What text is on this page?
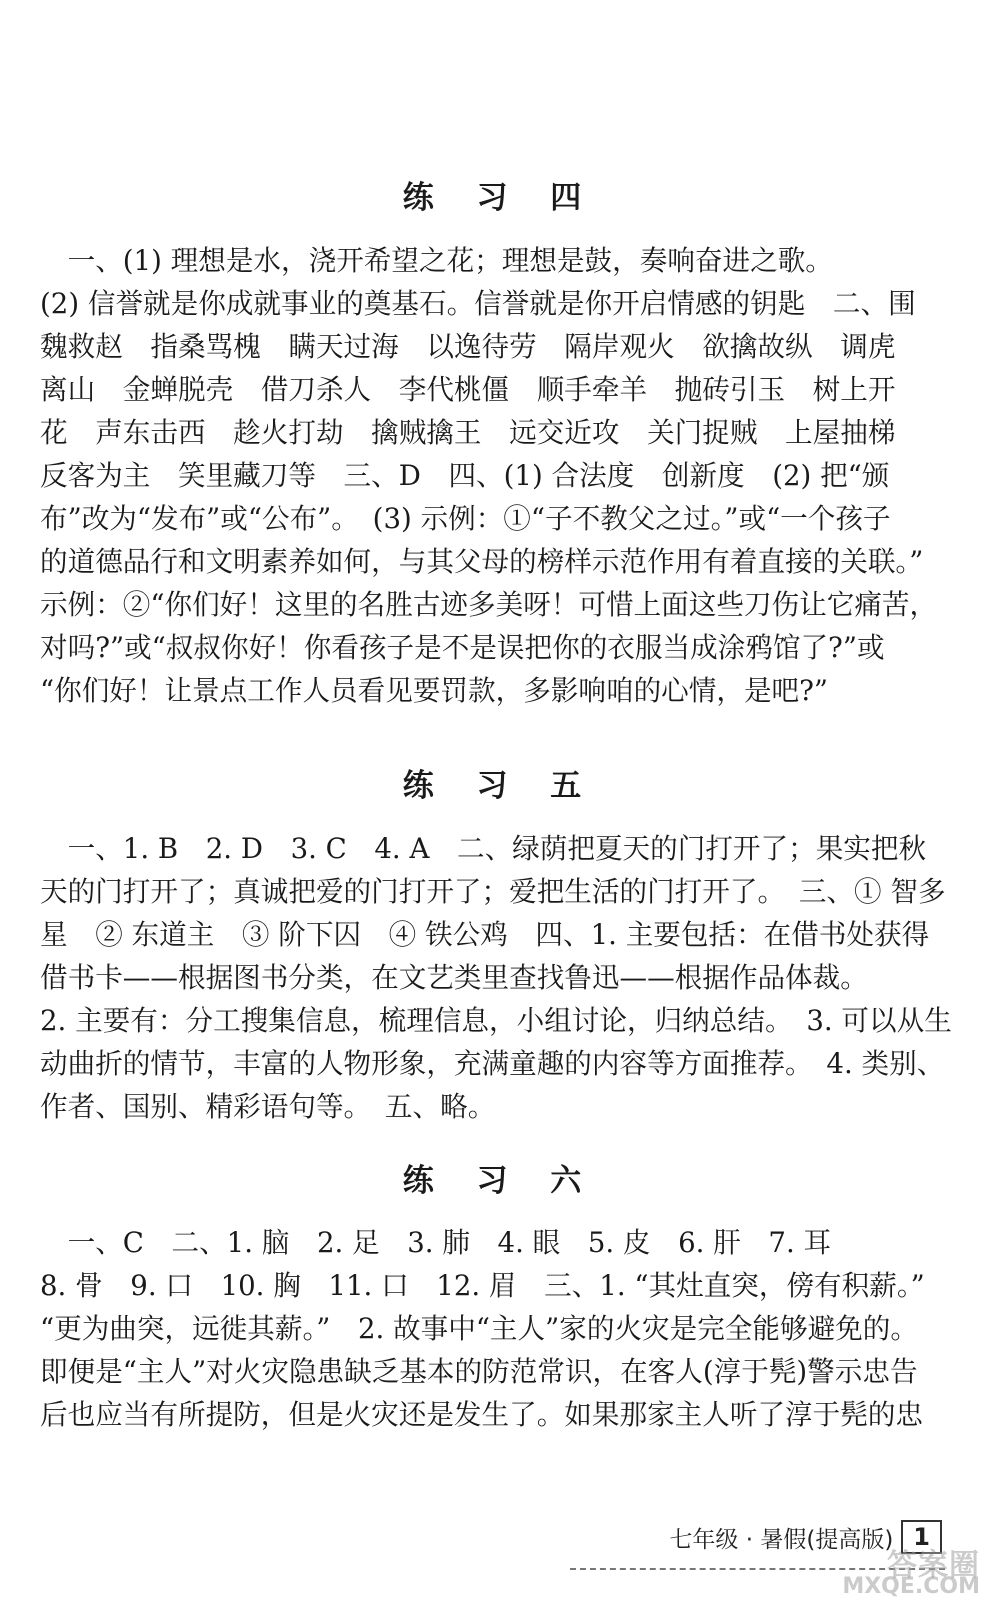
练 习 四
　一、(1) 理想是水，浇开希望之花；理想是鼓，奏响奋进之歌。
(2) 信誉就是你成就事业的奠基石。信誉就是你开启情感的钥匙　二、围
魏救赵　指桑骂槐　瞒天过海　以逸待劳　隔岸观火　欲擒故纵　调虎
离山　金蝉脱壳　借刀杀人　李代桃僵　顺手牵羊　抛砖引玉　树上开
花　声东击西　趁火打劫　擒贼擒王　远交近攻　关门捉贼　上屋抽梯
反客为主　笑里藏刀等　三、D　四、(1) 合法度　创新度　(2) 把“颁
布”改为“发布”或“公布”。　(3) 示例：①“子不教父之过。”或“一个孩子
的道德品行和文明素养如何，与其父母的榜样示范作用有着直接的关联。”
示例：②“你们好！这里的名胜古迹多美呀！可惜上面这些刀伤让它痛苦，
对吗?”或“叔叔你好！你看孩子是不是误把你的衣服当成涂鸦馆了?”或
“你们好！让景点工作人员看见要罚款，多影响咱的心情，是吧?”
练 习 五
　一、1. B　2. D　3. C　4. A　二、绿荫把夏天的门打开了；果实把秋
天的门打开了；真诚把爱的门打开了；爱把生活的门打开了。　三、① 智多
星　② 东道主　③ 阶下囚　④ 铁公鸡　四、1. 主要包括：在借书处获得
借书卡——根据图书分类，在文艺类里查找鲁迅——根据作品体裁。
2. 主要有：分工搜集信息，梳理信息，小组讨论，归纳总结。　3. 可以从生
动曲折的情节，丰富的人物形象，充满童趣的内容等方面推荐。　4. 类别、
作者、国别、精彩语句等。　五、略。
练 习 六
　一、C　二、1. 脑　2. 足　3. 肺　4. 眼　5. 皮　6. 肝　7. 耳
8. 骨　9. 口　10. 胸　11. 口　12. 眉　三、1. “其灶直突，傍有积薪。”
“更为曲突，远徙其薪。”　2. 故事中“主人”家的火灾是完全能够避免的。
即便是“主人”对火灾隐患缺乏基本的防范常识，在客人(淳于髡)警示忠告
后也应当有所提防，但是火灾还是发生了。如果那家主人听了淳于髡的忠
七年级 · 暑假(提高版) 1
答案圈
MXQE.COM
